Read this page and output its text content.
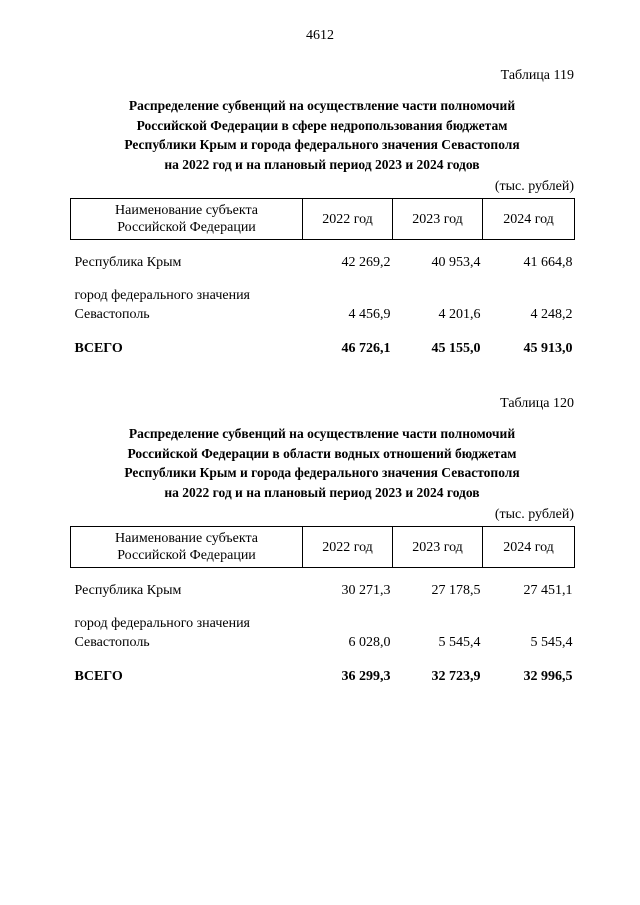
4612
Таблица 119
Распределение субвенций на осуществление части полномочий
Российской Федерации в сфере недропользования бюджетам
Республики Крым и города федерального значения Севастополя
на 2022 год и на плановый период 2023 и 2024 годов
(тыс. рублей)
Наименование субъекта
Российской Федерации	2022 год	2023 год	2024 год
Республика Крым	42 269,2	40 953,4	41 664,8

город федерального значения
Севастополь	4 456,9	4 201,6	4 248,2
ВСЕГО	46 726,1	45 155,0	45 913,0
Таблица 120
Распределение субвенций на осуществление части полномочий
Российской Федерации в области водных отношений бюджетам
Республики Крым и города федерального значения Севастополя
на 2022 год и на плановый период 2023 и 2024 годов
(тыс. рублей)
Наименование субъекта
Российской Федерации	2022 год	2023 год	2024 год
Республика Крым	30 271,3	27 178,5	27 451,1

город федерального значения
Севастополь	6 028,0	5 545,4	5 545,4
ВСЕГО	36 299,3	32 723,9	32 996,5
